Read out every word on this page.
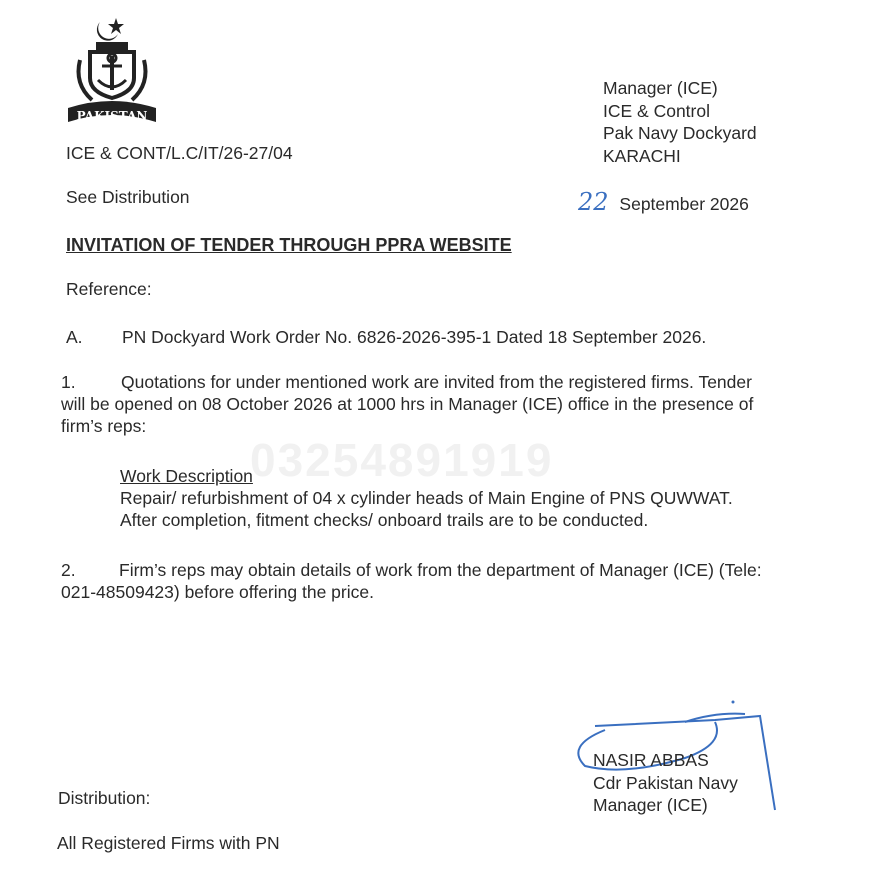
PAKISTAN
Manager (ICE)
ICE & Control
Pak Navy Dockyard
KARACHI
ICE & CONT/L.C/IT/26-27/04
See Distribution	22 September 2026
INVITATION OF TENDER THROUGH PPRA WEBSITE
Reference:
A. PN Dockyard Work Order No. 6826-2026-395-1 Dated 18 September 2026.
1.	Quotations for under mentioned work are invited from the registered firms. Tender
will be opened on 08 October 2026 at 1000 hrs in Manager (ICE) office in the presence of
firm’s reps:
03254891919
Work Description
Repair/ refurbishment of 04 x cylinder heads of Main Engine of PNS QUWWAT.
After completion, fitment checks/ onboard trails are to be conducted.
2. Firm’s reps may obtain details of work from the department of Manager (ICE) (Tele:
021-48509423) before offering the price.
NASIR ABBAS
Cdr Pakistan Navy
Manager (ICE)
Distribution:
All Registered Firms with PN
